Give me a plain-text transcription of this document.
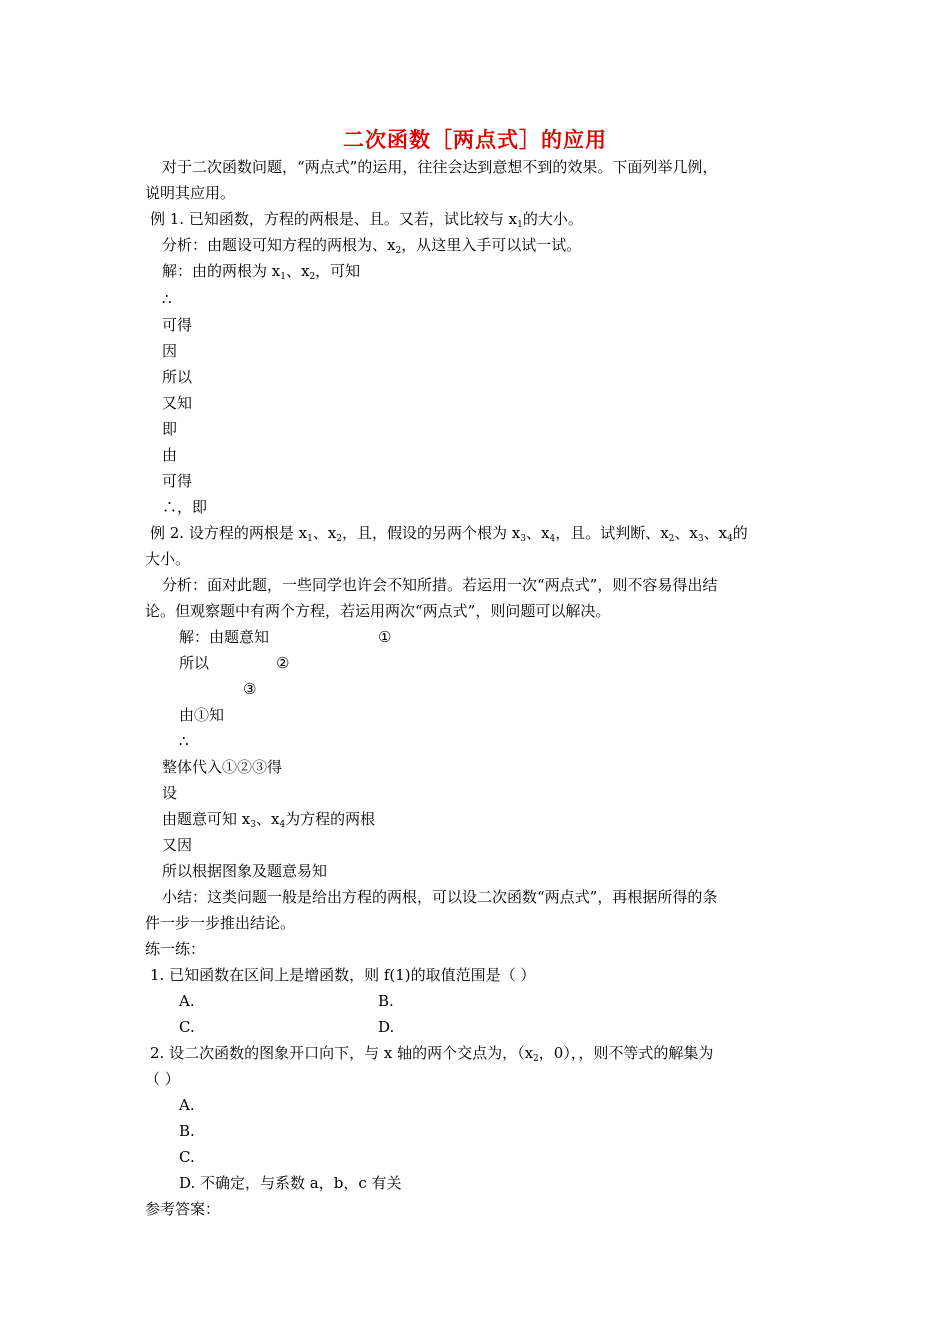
二次函数［两点式］的应用
对于二次函数问题，“两点式”的运用，往往会达到意想不到的效果。下面列举几例，
说明其应用。
例 1. 已知函数，方程的两根是、且。又若，试比较与 $x_1$的大小。
分析：由题设可知方程的两根为、$x_2$，从这里入手可以试一试。
解：由的两根为 $x_1$、$x_2$，可知
∴
可得
因
所以
又知
即
由
可得
∴，即
例 2. 设方程的两根是 $x_1$、$x_2$，且，假设的另两个根为 $x_3$、$x_4$，且。试判断、$x_2$、$x_3$、$x_4$的
大小。
分析：面对此题，一些同学也许会不知所措。若运用一次“两点式”，则不容易得出结
论。但观察题中有两个方程，若运用两次“两点式”，则问题可以解决。
解：由题意知	①
所以	②
③
由①知
∴
整体代入①②③得
设
由题意可知 $x_3$、$x_4$为方程的两根
又因
所以根据图象及题意易知
小结：这类问题一般是给出方程的两根，可以设二次函数“两点式”，再根据所得的条
件一步一步推出结论。
练一练：
1. 已知函数在区间上是增函数，则 f(1)的取值范围是（ ）
A.	B.
C.	D.
2. 设二次函数的图象开口向下，与 x 轴的两个交点为，（$x_2$，0），，则不等式的解集为
（ ）
A.
B.
C.
D. 不确定，与系数 a，b，c 有关
参考答案：
